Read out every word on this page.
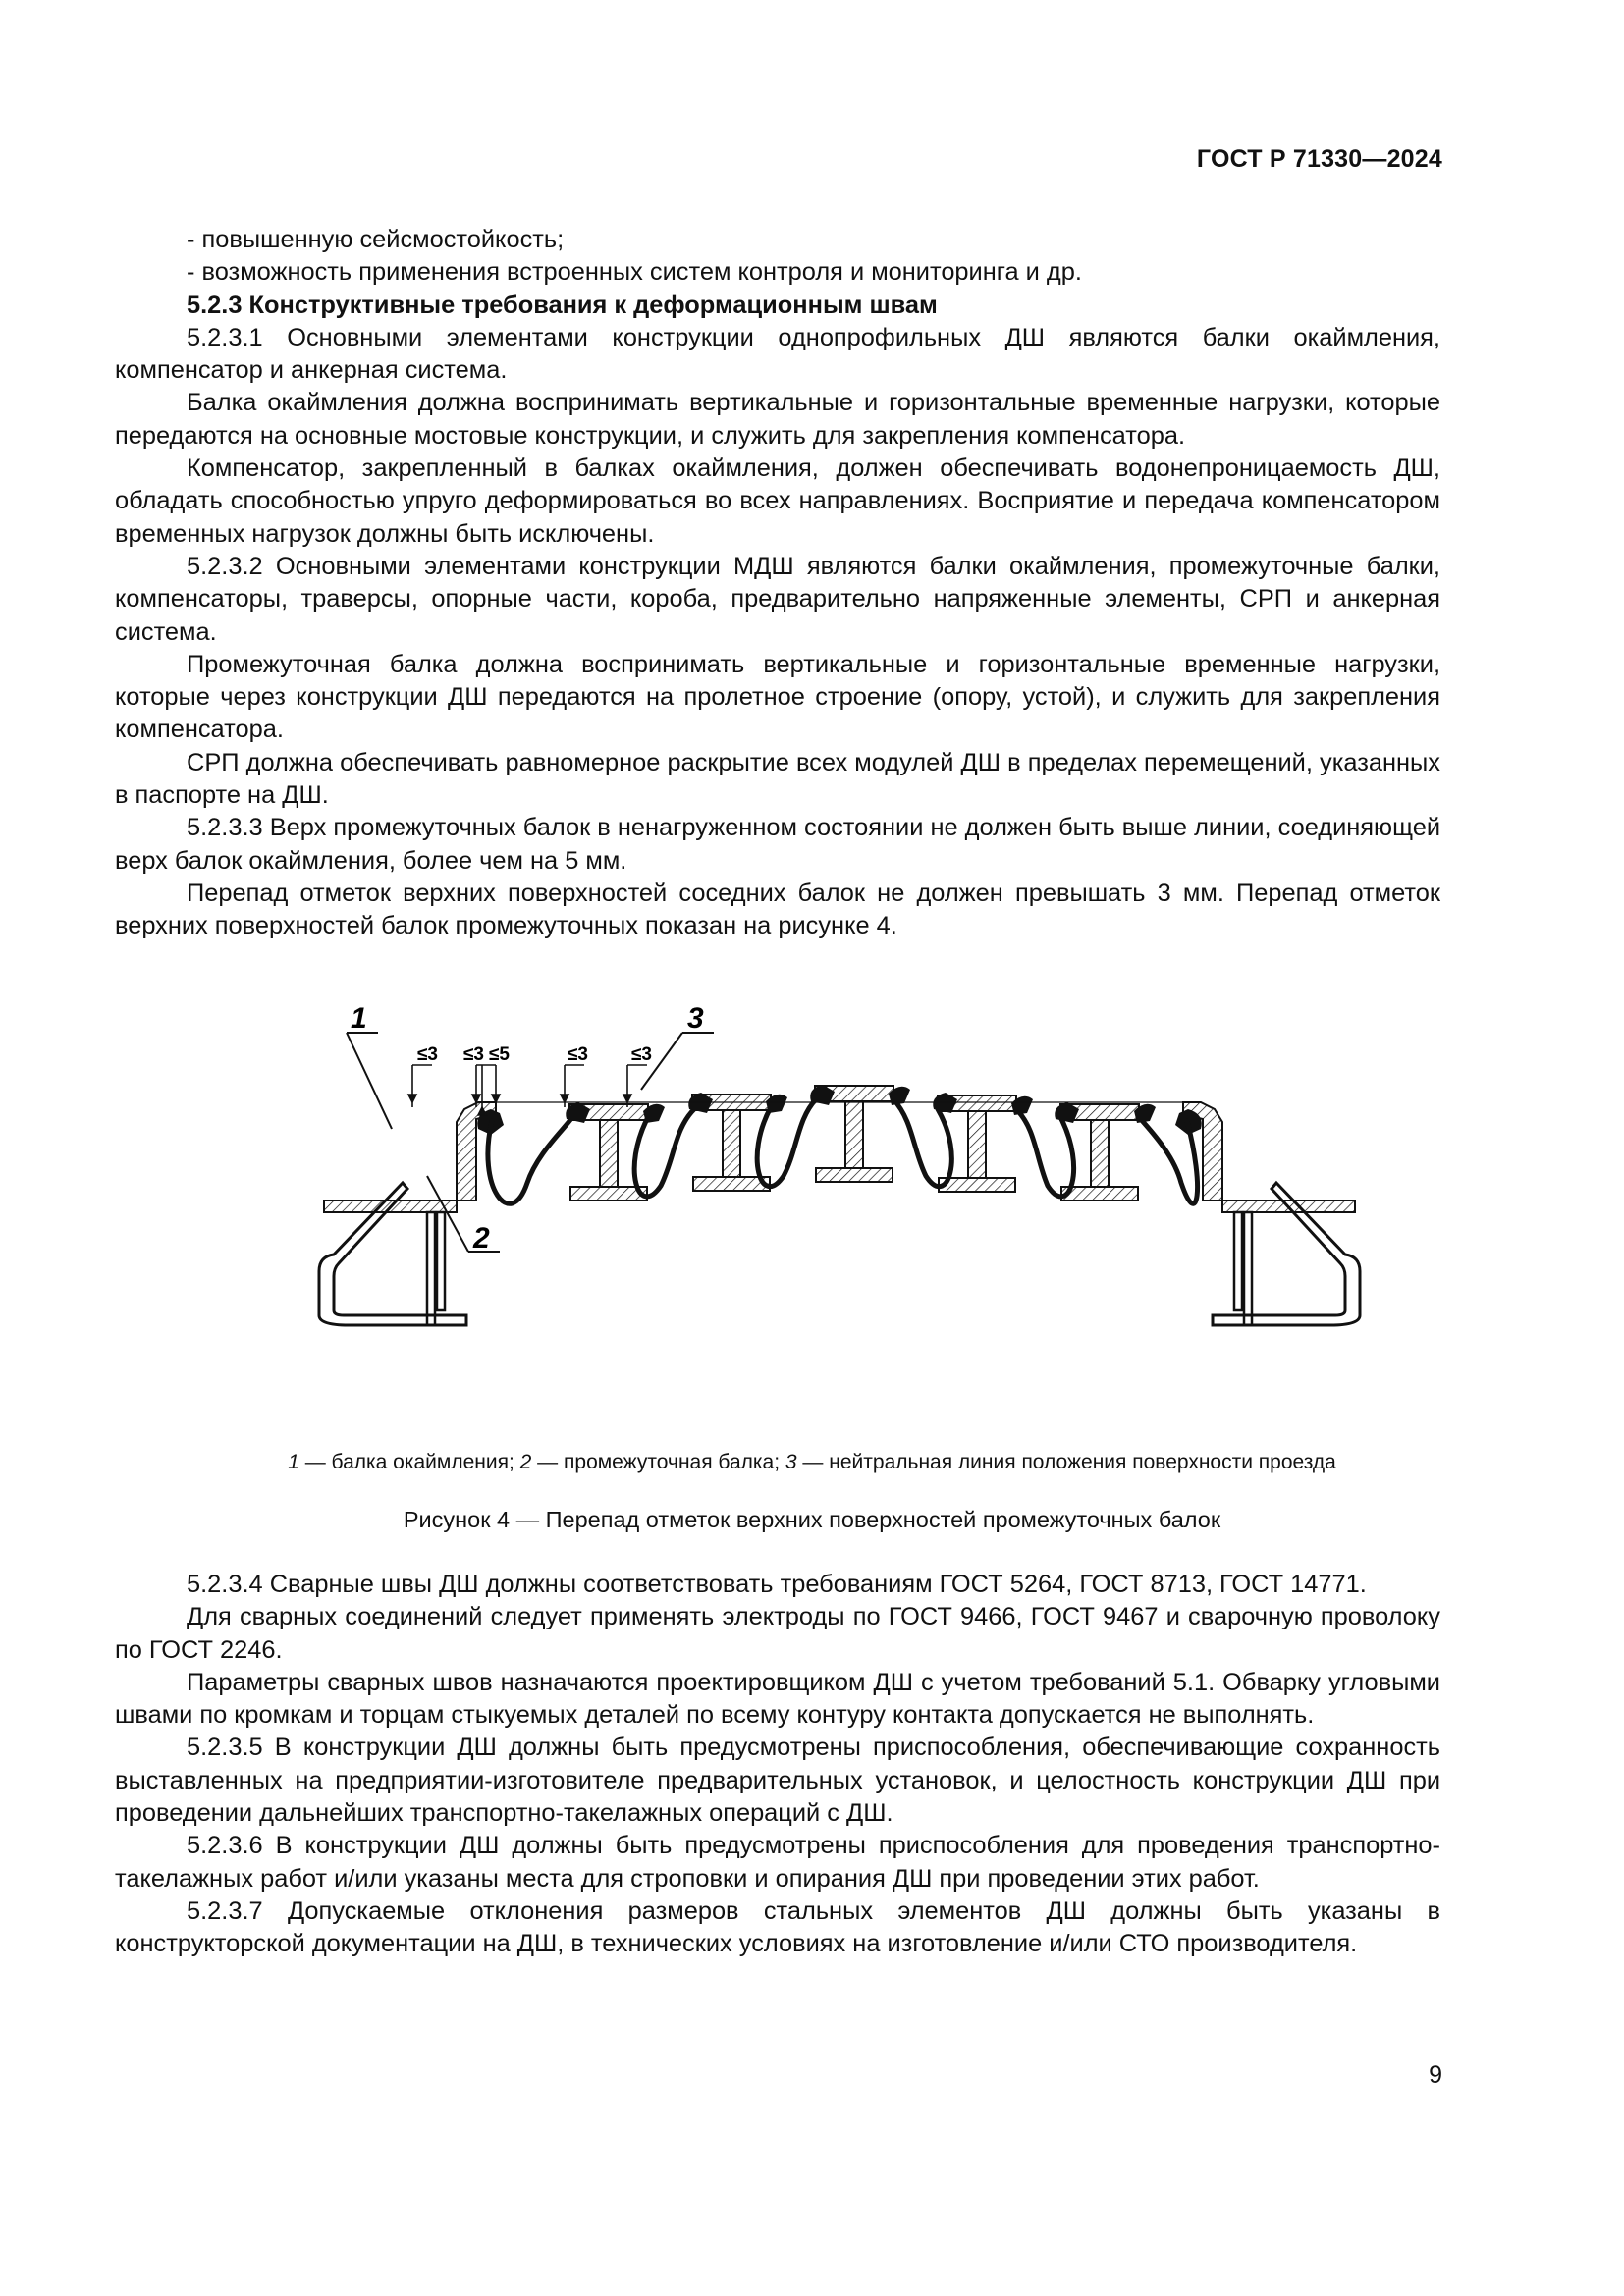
ГОСТ Р 71330—2024

- повышенную сейсмостойкость;

- возможность применения встроенных систем контроля и мониторинга и др.

5.2.3 Конструктивные требования к деформационным швам

5.2.3.1 Основными элементами конструкции однопрофильных ДШ являются балки окаймления, компенсатор и анкерная система.

Балка окаймления должна воспринимать вертикальные и горизонтальные временные нагрузки, которые передаются на основные мостовые конструкции, и служить для закрепления компенсатора.

Компенсатор, закрепленный в балках окаймления, должен обеспечивать водонепроницаемость ДШ, обладать способностью упруго деформироваться во всех направлениях. Восприятие и передача компенсатором временных нагрузок должны быть исключены.

5.2.3.2 Основными элементами конструкции МДШ являются балки окаймления, промежуточные балки, компенсаторы, траверсы, опорные части, короба, предварительно напряженные элементы, СРП и анкерная система.

Промежуточная балка должна воспринимать вертикальные и горизонтальные временные нагрузки, которые через конструкции ДШ передаются на пролетное строение (опору, устой), и служить для закрепления компенсатора.

СРП должна обеспечивать равномерное раскрытие всех модулей ДШ в пределах перемещений, указанных в паспорте на ДШ.

5.2.3.3 Верх промежуточных балок в ненагруженном состоянии не должен быть выше линии, соединяющей верх балок окаймления, более чем на 5 мм.

Перепад отметок верхних поверхностей соседних балок не должен превышать 3 мм. Перепад отметок верхних поверхностей балок промежуточных показан на рисунке 4.

≤3 ≤3 ≤5	≤3 ≤3
1	3
2
1 — балка окаймления; 2 — промежуточная балка; 3 — нейтральная линия положения поверхности проезда
Рисунок 4 — Перепад отметок верхних поверхностей промежуточных балок

5.2.3.4 Сварные швы ДШ должны соответствовать требованиям ГОСТ 5264, ГОСТ 8713, ГОСТ 14771.

Для сварных соединений следует применять электроды по ГОСТ 9466, ГОСТ 9467 и сварочную проволоку по ГОСТ 2246.

Параметры сварных швов назначаются проектировщиком ДШ с учетом требований 5.1. Обварку угловыми швами по кромкам и торцам стыкуемых деталей по всему контуру контакта допускается не выполнять.

5.2.3.5 В конструкции ДШ должны быть предусмотрены приспособления, обеспечивающие сохранность выставленных на предприятии-изготовителе предварительных установок, и целостность конструкции ДШ при проведении дальнейших транспортно-такелажных операций с ДШ.

5.2.3.6 В конструкции ДШ должны быть предусмотрены приспособления для проведения транспортно-такелажных работ и/или указаны места для строповки и опирания ДШ при проведении этих работ.

5.2.3.7 Допускаемые отклонения размеров стальных элементов ДШ должны быть указаны в конструкторской документации на ДШ, в технических условиях на изготовление и/или СТО производителя.

9
